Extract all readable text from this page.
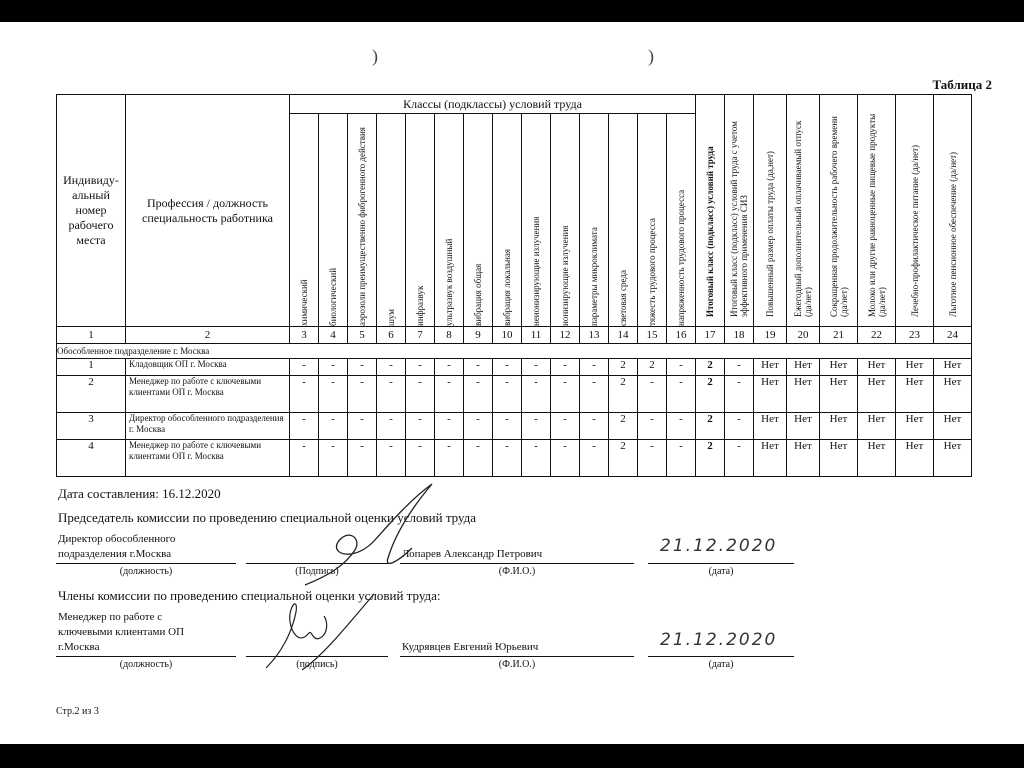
)	)
Таблица 2
Индивиду-альный номер рабочего места	Профессия / должность специальность работника	Классы (подклассы) условий труда														Итоговый класс (подкласс) условий труда	Итоговый класс (подкласс) условий труда с учетом эффективного применения СИЗ	Повышенный размер оплаты труда (да,нет)	Ежегодный дополнительный оплачиваемый отпуск (да/нет)	Сокращенная продолжительность рабочего времени (да/нет)	Молоко или другие равноценные пищевые продукты (да/нет)	Лечебно-профилактическое питание (да/нет)	Льготное пенсионное обеспечение (да/нет)

		химический	биологический	аэрозоли преимущественно фиброгенного действия	шум	инфразвук	ультразвук воздушный	вибрация общая	вибрация локальная	неионизирующие излучения	ионизирующие излучения	параметры микроклимата	световая среда	тяжесть трудового процесса	напряженность трудового процесса								

1	2	3	4	5	6	7	8	9	10	11	12	13	14	15	16	17	18	19	20	21	22	23	24
Обособленное подразделение г. Москва																							
1	Кладовщик ОП г. Москва	-	-	-	-	-	-	-	-	-	-	-	2	2	-	2	-	Нет	Нет	Нет	Нет	Нет	Нет
2	Менеджер по работе с ключевыми клиентами ОП г. Москва	-	-	-	-	-	-	-	-	-	-	-	2	-	-	2	-	Нет	Нет	Нет	Нет	Нет	Нет
3	Директор обособленного подразделения г. Москва	-	-	-	-	-	-	-	-	-	-	-	2	-	-	2	-	Нет	Нет	Нет	Нет	Нет	Нет
4	Менеджер по работе с ключевыми клиентами ОП г. Москва	-	-	-	-	-	-	-	-	-	-	-	2	-	-	2	-	Нет	Нет	Нет	Нет	Нет	Нет
Дата составления: 16.12.2020
Председатель комиссии по проведению специальной оценки условий труда
Директор обособленного
подразделения г.Москва
(должность)	(Подпись)
Лопарев Александр Петрович
(Ф.И.О.)
21.12.2020
(дата)
Члены комиссии по проведению специальной оценки условий труда:
Менеджер по работе с
ключевыми клиентами ОП
г.Москва
(должность)	(подпись)
Кудрявцев Евгений Юрьевич
(Ф.И.О.)
21.12.2020
(дата)
Стр.2 из 3
